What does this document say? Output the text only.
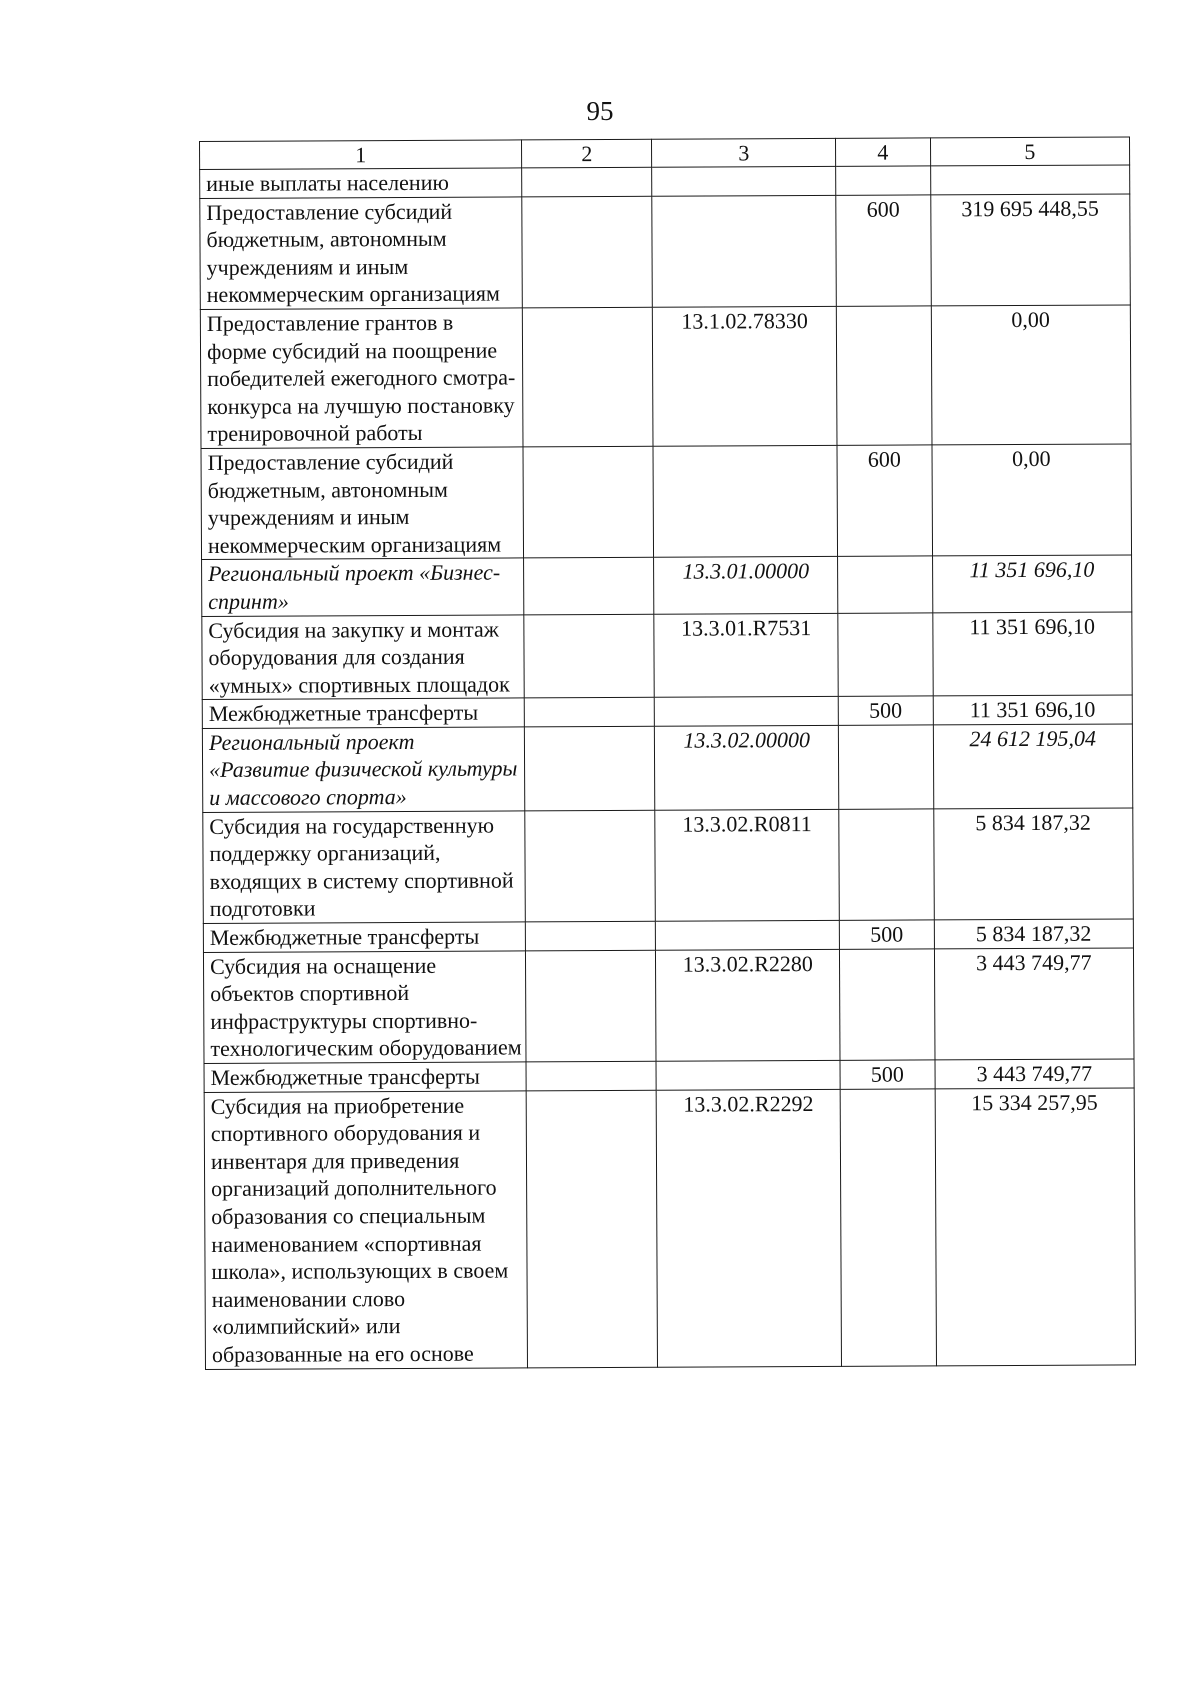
95
1	2	3	4	5
иные выплаты населению				
Предоставление субсидий бюджетным, автономным учреждениям и иным некоммерческим организациям			600	319 695 448,55
Предоставление грантов в форме субсидий на поощрение победителей ежегодного смотра-конкурса на лучшую постановку тренировочной работы		13.1.02.78330		0,00
Предоставление субсидий бюджетным, автономным учреждениям и иным некоммерческим организациям			600	0,00
Региональный проект «Бизнес-спринт»		13.3.01.00000		11 351 696,10
Субсидия на закупку и монтаж оборудования для создания «умных» спортивных площадок		13.3.01.R7531		11 351 696,10
Межбюджетные трансферты			500	11 351 696,10
Региональный проект «Развитие физической культуры и массового спорта»		13.3.02.00000		24 612 195,04
Субсидия на государственную поддержку организаций, входящих в систему спортивной подготовки		13.3.02.R0811		5 834 187,32
Межбюджетные трансферты			500	5 834 187,32
Субсидия на оснащение объектов спортивной инфраструктуры спортивно-технологическим оборудованием		13.3.02.R2280		3 443 749,77
Межбюджетные трансферты			500	3 443 749,77
Субсидия на приобретение спортивного оборудования и инвентаря для приведения организаций дополнительного образования со специальным наименованием «спортивная школа», использующих в своем наименовании слово «олимпийский» или образованные на его основе		13.3.02.R2292		15 334 257,95
